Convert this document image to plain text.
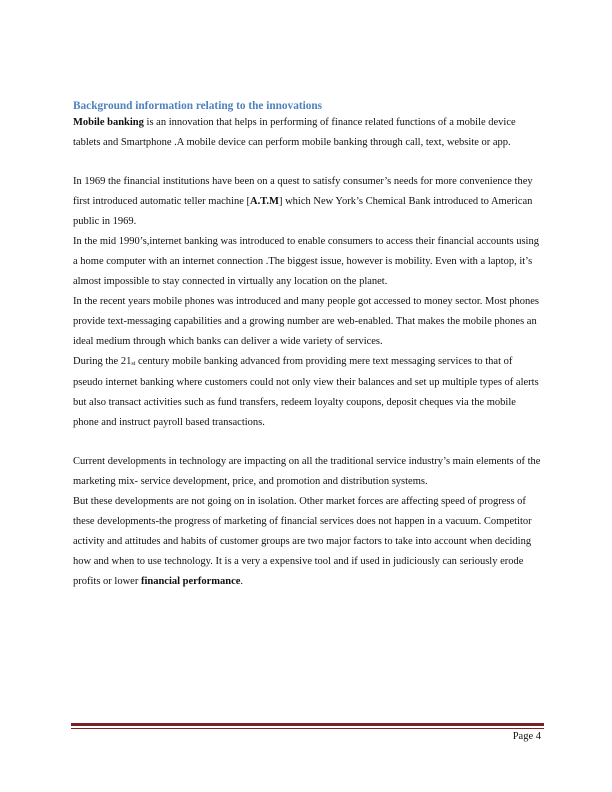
Background information relating to the innovations

Mobile banking is an innovation that helps in performing of finance related functions of a mobile device tablets and Smartphone .A mobile device can perform mobile banking through call, text, website or app.

In 1969 the financial institutions have been on a quest to satisfy consumer’s needs for more convenience they first introduced automatic teller machine [A.T.M] which New York’s Chemical Bank introduced to American public in 1969.

In the mid 1990’s,internet banking was introduced to enable consumers to access their financial accounts using a home computer with an internet connection .The biggest issue, however is mobility. Even with a laptop, it’s almost impossible to stay connected in virtually any location on the planet.

In the recent years mobile phones was introduced and many people got accessed to money sector. Most phones provide text-messaging capabilities and a growing number are web-enabled. That makes the mobile phones an ideal medium through which banks can deliver a wide variety of services.

During the $21_{st}$ century mobile banking advanced from providing mere text messaging services to that of pseudo internet banking where customers could not only view their balances and set up multiple types of alerts but also transact activities such as fund transfers, redeem loyalty coupons, deposit cheques via the mobile phone and instruct payroll based transactions.

Current developments in technology are impacting on all the traditional service industry’s main elements of the marketing mix- service development, price, and promotion and distribution systems.

But these developments are not going on in isolation. Other market forces are affecting speed of progress of these developments-the progress of marketing of financial services does not happen in a vacuum. Competitor activity and attitudes and habits of customer groups are two major factors to take into account when deciding how and when to use technology. It is a very a expensive tool and if used in judiciously can seriously erode profits or lower financial performance.

Page 4
